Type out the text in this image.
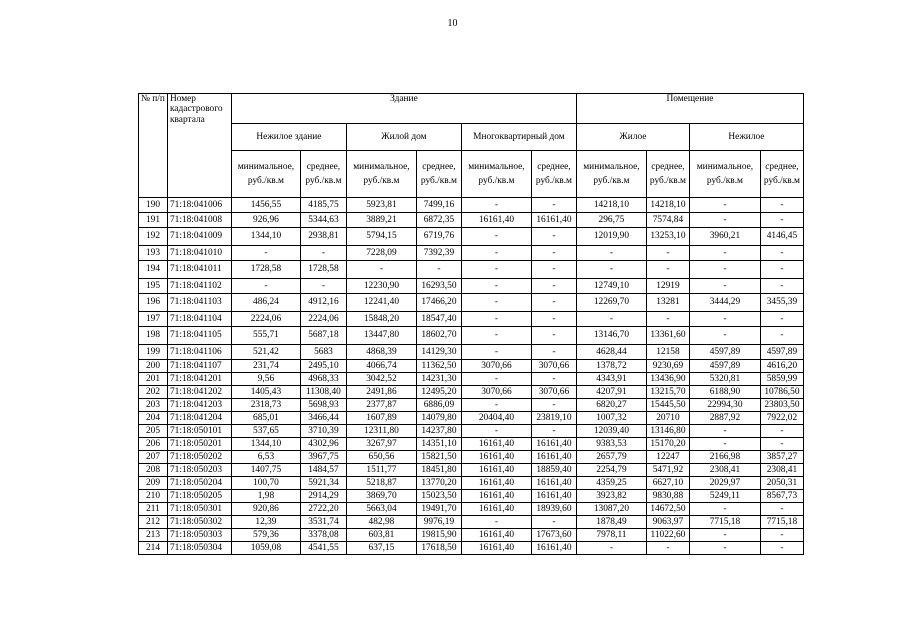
10
№ п/п	Номер кадастрового квартала	Здание						Помещение			
		Нежилое здание		Жилой дом		Многоквартирный дом		Жилое		Нежилое	
		минимальное, руб./кв.м	среднее, руб./кв.м	минимальное, руб./кв.м	среднее, руб./кв.м	минимальное, руб./кв.м	среднее, руб./кв.м	минимальное, руб./кв.м	среднее, руб./кв.м	минимальное, руб./кв.м	среднее, руб./кв.м
190	71:18:041006	1456,55	4185,75	5923,81	7499,16	-	-	14218,10	14218,10	-	-
191	71:18:041008	926,96	5344,63	3889,21	6872,35	16161,40	16161,40	296,75	7574,84	-	-
192	71:18:041009	1344,10	2938,81	5794,15	6719,76	-	-	12019,90	13253,10	3960,21	4146,45
193	71:18:041010	-	-	7228,09	7392,39	-	-	-	-	-	-
194	71:18:041011	1728,58	1728,58	-	-	-	-	-	-	-	-
195	71:18:041102	-	-	12230,90	16293,50	-	-	12749,10	12919	-	-
196	71:18:041103	486,24	4912,16	12241,40	17466,20	-	-	12269,70	13281	3444,29	3455,39
197	71:18:041104	2224,06	2224,06	15848,20	18547,40	-	-	-	-	-	-
198	71:18:041105	555,71	5687,18	13447,80	18602,70	-	-	13146,70	13361,60	-	-
199	71:18:041106	521,42	5683	4868,39	14129,30	-	-	4628,44	12158	4597,89	4597,89
200	71:18:041107	231,74	2495,10	4066,74	11362,50	3070,66	3070,66	1378,72	9230,69	4597,89	4616,20
201	71:18:041201	9,56	4968,33	3042,52	14231,30	-	-	4343,91	13436,90	5320,81	5859,99
202	71:18:041202	1405,43	11308,40	2491,86	12495,20	3070,66	3070,66	4207,91	13215,70	6188,90	10786,50
203	71:18:041203	2318,73	5698,93	2377,87	6886,09	-	-	6820,27	15445,50	22994,30	23803,50
204	71:18:041204	685,01	3466,44	1607,89	14079,80	20404,40	23819,10	1007,32	20710	2887,92	7922,02
205	71:18:050101	537,65	3710,39	12311,80	14237,80	-	-	12039,40	13146,80	-	-
206	71:18:050201	1344,10	4302,96	3267,97	14351,10	16161,40	16161,40	9383,53	15170,20	-	-
207	71:18:050202	6,53	3967,75	650,56	15821,50	16161,40	16161,40	2657,79	12247	2166,98	3857,27
208	71:18:050203	1407,75	1484,57	1511,77	18451,80	16161,40	18859,40	2254,79	5471,92	2308,41	2308,41
209	71:18:050204	100,70	5921,34	5218,87	13770,20	16161,40	16161,40	4359,25	6627,10	2029,97	2050,31
210	71:18:050205	1,98	2914,29	3869,70	15023,50	16161,40	16161,40	3923,82	9830,88	5249,11	8567,73
211	71:18:050301	920,86	2722,20	5663,04	19491,70	16161,40	18939,60	13087,20	14672,50	-	-
212	71:18:050302	12,39	3531,74	482,98	9976,19	-	-	1878,49	9063,97	7715,18	7715,18
213	71:18:050303	579,36	3378,08	603,81	19815,90	16161,40	17673,60	7978,11	11022,60	-	-
214	71:18:050304	1059,08	4541,55	637,15	17618,50	16161,40	16161,40	-	-	-	-
